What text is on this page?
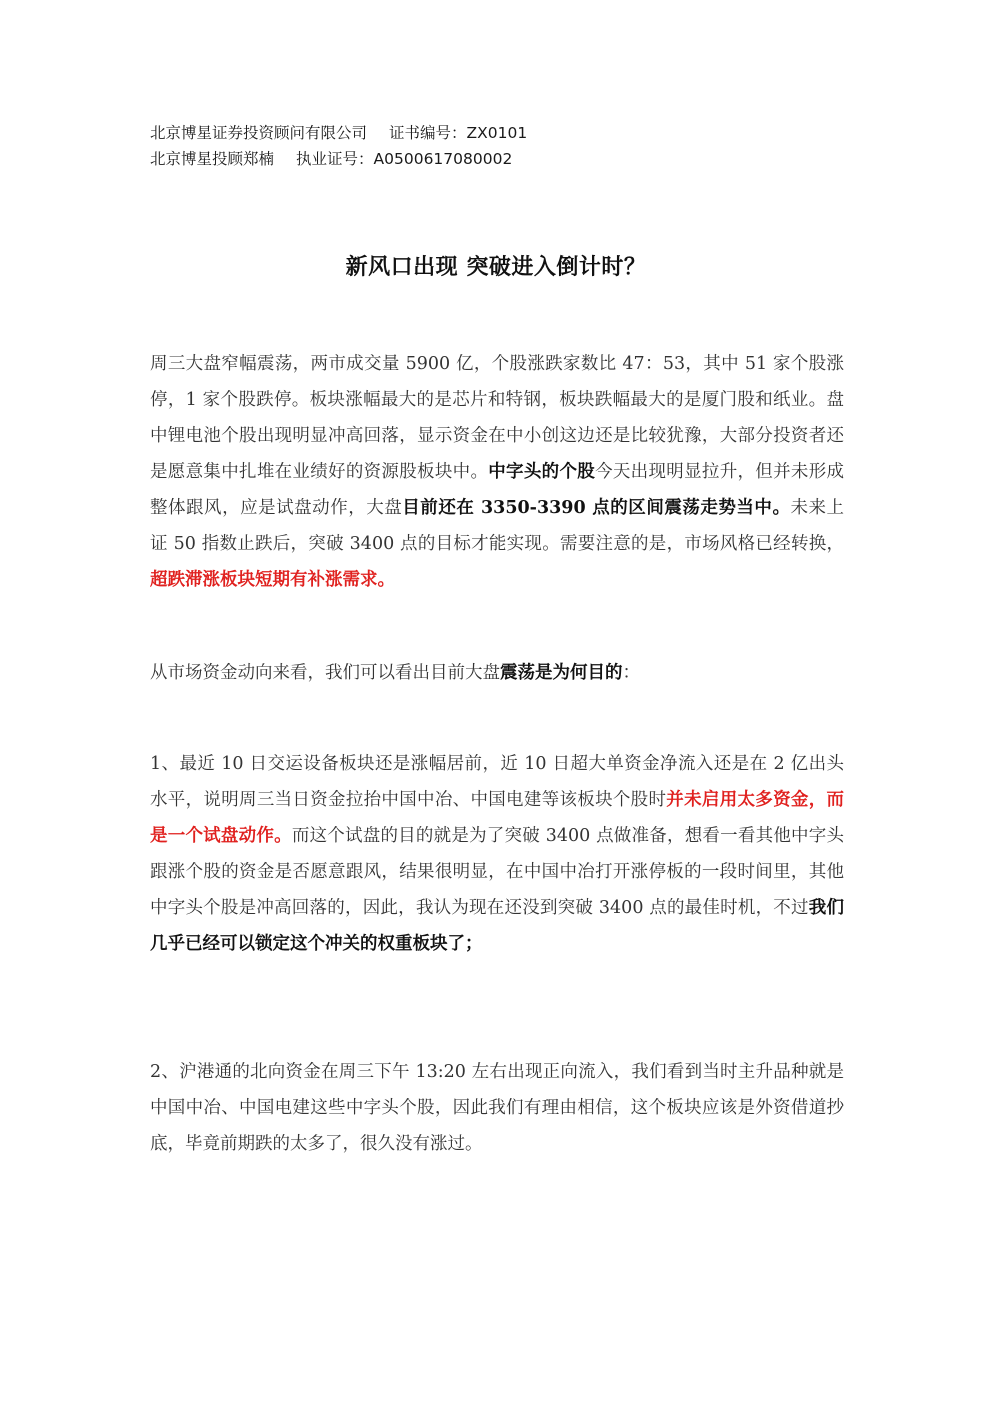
北京博星证券投资顾问有限公司 证书编号：ZX0101
北京博星投顾郑楠 执业证号：A0500617080002
新风口出现 突破进入倒计时？

周三大盘窄幅震荡，两市成交量 5900 亿，个股涨跌家数比 47：53，其中 51 家个股涨停，1 家个股跌停。板块涨幅最大的是芯片和特钢，板块跌幅最大的是厦门股和纸业。盘中锂电池个股出现明显冲高回落，显示资金在中小创这边还是比较犹豫，大部分投资者还是愿意集中扎堆在业绩好的资源股板块中。中字头的个股今天出现明显拉升，但并未形成整体跟风，应是试盘动作，大盘目前还在 3350-3390 点的区间震荡走势当中。未来上证 50 指数止跌后，突破 3400 点的目标才能实现。需要注意的是，市场风格已经转换，超跌滞涨板块短期有补涨需求。

从市场资金动向来看，我们可以看出目前大盘震荡是为何目的：

1、最近 10 日交运设备板块还是涨幅居前，近 10 日超大单资金净流入还是在 2 亿出头水平，说明周三当日资金拉抬中国中冶、中国电建等该板块个股时并未启用太多资金，而是一个试盘动作。而这个试盘的目的就是为了突破 3400 点做准备，想看一看其他中字头跟涨个股的资金是否愿意跟风，结果很明显，在中国中冶打开涨停板的一段时间里，其他中字头个股是冲高回落的，因此，我认为现在还没到突破 3400 点的最佳时机，不过我们几乎已经可以锁定这个冲关的权重板块了；

2、沪港通的北向资金在周三下午 13:20 左右出现正向流入，我们看到当时主升品种就是中国中冶、中国电建这些中字头个股，因此我们有理由相信，这个板块应该是外资借道抄底，毕竟前期跌的太多了，很久没有涨过。
